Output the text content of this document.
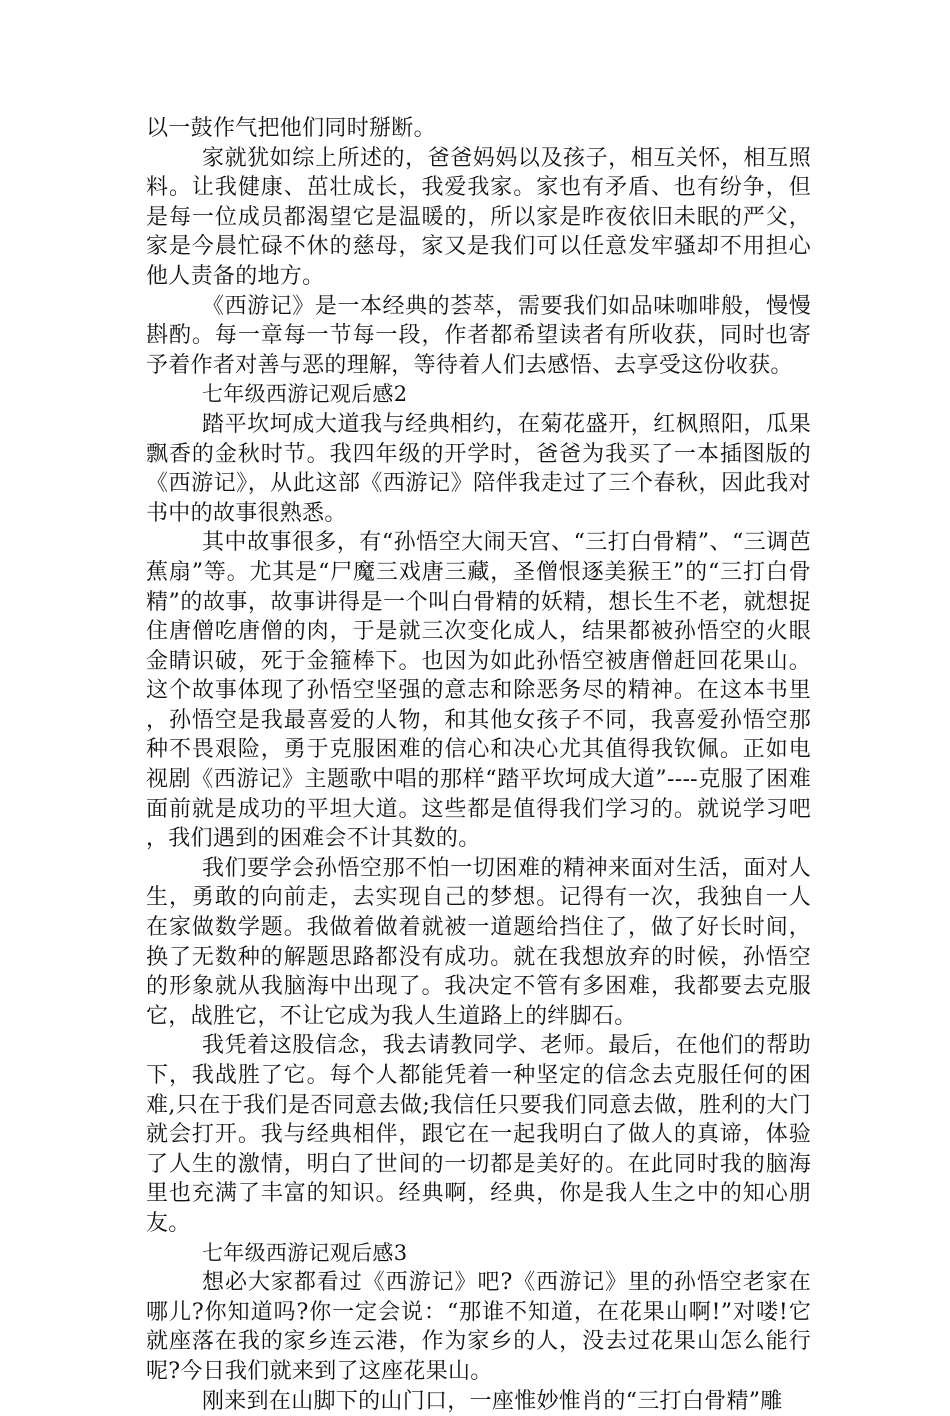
以一鼓作气把他们同时掰断。

家就犹如综上所述的，爸爸妈妈以及孩子，相互关怀，相互照料。让我健康、茁壮成长，我爱我家。家也有矛盾、也有纷争，但是每一位成员都渴望它是温暖的，所以家是昨夜依旧未眠的严父，家是今晨忙碌不休的慈母，家又是我们可以任意发牢骚却不用担心他人责备的地方。

《西游记》是一本经典的荟萃，需要我们如品味咖啡般，慢慢斟酌。每一章每一节每一段，作者都希望读者有所收获，同时也寄予着作者对善与恶的理解，等待着人们去感悟、去享受这份收获。

七年级西游记观后感2

踏平坎坷成大道我与经典相约，在菊花盛开，红枫照阳，瓜果飘香的金秋时节。我四年级的开学时，爸爸为我买了一本插图版的《西游记》，从此这部《西游记》陪伴我走过了三个春秋，因此我对书中的故事很熟悉。

其中故事很多，有“孙悟空大闹天宫、“三打白骨精”、“三调芭蕉扇”等。尤其是“尸魔三戏唐三藏，圣僧恨逐美猴王”的“三打白骨精”的故事，故事讲得是一个叫白骨精的妖精，想长生不老，就想捉住唐僧吃唐僧的肉，于是就三次变化成人，结果都被孙悟空的火眼金睛识破，死于金箍棒下。也因为如此孙悟空被唐僧赶回花果山。这个故事体现了孙悟空坚强的意志和除恶务尽的精神。在这本书里，孙悟空是我最喜爱的人物，和其他女孩子不同，我喜爱孙悟空那种不畏艰险，勇于克服困难的信心和决心尤其值得我钦佩。正如电视剧《西游记》主题歌中唱的那样“踏平坎坷成大道”----克服了困难面前就是成功的平坦大道。这些都是值得我们学习的。就说学习吧，我们遇到的困难会不计其数的。

我们要学会孙悟空那不怕一切困难的精神来面对生活，面对人生，勇敢的向前走，去实现自己的梦想。记得有一次，我独自一人在家做数学题。我做着做着就被一道题给挡住了，做了好长时间，换了无数种的解题思路都没有成功。就在我想放弃的时候，孙悟空的形象就从我脑海中出现了。我决定不管有多困难，我都要去克服它，战胜它，不让它成为我人生道路上的绊脚石。

我凭着这股信念，我去请教同学、老师。最后，在他们的帮助下，我战胜了它。每个人都能凭着一种坚定的信念去克服任何的困难,只在于我们是否同意去做;我信任只要我们同意去做，胜利的大门就会打开。我与经典相伴，跟它在一起我明白了做人的真谛，体验了人生的激情，明白了世间的一切都是美好的。在此同时我的脑海里也充满了丰富的知识。经典啊，经典，你是我人生之中的知心朋友。

七年级西游记观后感3

想必大家都看过《西游记》吧?《西游记》里的孙悟空老家在哪儿?你知道吗?你一定会说：“那谁不知道，在花果山啊!”对喽!它就座落在我的家乡连云港，作为家乡的人，没去过花果山怎么能行呢?今日我们就来到了这座花果山。

刚来到在山脚下的山门口，一座惟妙惟肖的“三打白骨精”雕
